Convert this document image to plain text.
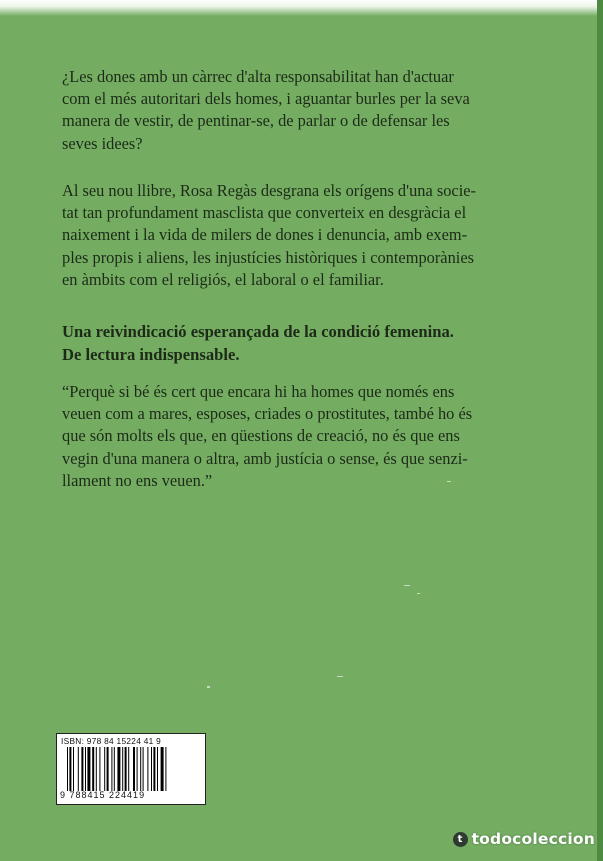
¿Les dones amb un càrrec d'alta responsabilitat han d'actuar
com el més autoritari dels homes, i aguantar burles per la seva
manera de vestir, de pentinar-se, de parlar o de defensar les
seves idees?
Al seu nou llibre, Rosa Regàs desgrana els orígens d'una socie-
tat tan profundament masclista que converteix en desgràcia el
naixement i la vida de milers de dones i denuncia, amb exem-
ples propis i aliens, les injustícies històriques i contemporànies
en àmbits com el religiós, el laboral o el familiar.
Una reivindicació esperançada de la condició femenina.
De lectura indispensable.
“Perquè si bé és cert que encara hi ha homes que només ens
veuen com a mares, esposes, criades o prostitutes, també ho és
que són molts els que, en qüestions de creació, no és que ens
vegin d'una manera o altra, amb justícia o sense, és que senzi-
llament no ens veuen.”
ISBN: 978 84 15224 41 9
9 788415 224419
t todocoleccion
